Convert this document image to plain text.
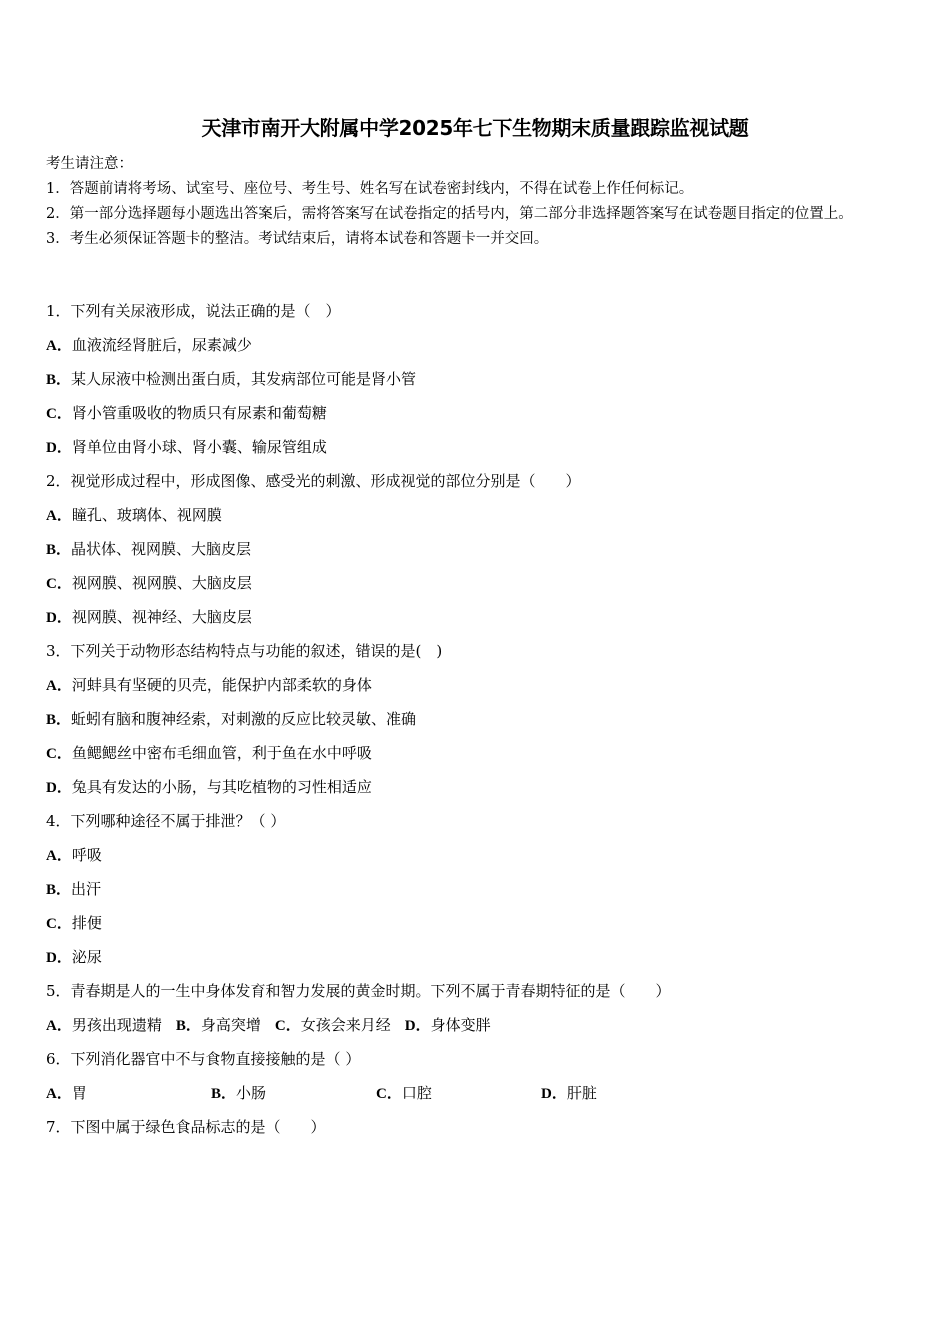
天津市南开大附属中学2025年七下生物期末质量跟踪监视试题

考生请注意：

1．答题前请将考场、试室号、座位号、考生号、姓名写在试卷密封线内，不得在试卷上作任何标记。

2．第一部分选择题每小题选出答案后，需将答案写在试卷指定的括号内，第二部分非选择题答案写在试卷题目指定的位置上。

3．考生必须保证答题卡的整洁。考试结束后，请将本试卷和答题卡一并交回。

1．下列有关尿液形成，说法正确的是（　）
A．血液流经肾脏后，尿素减少
B．某人尿液中检测出蛋白质，其发病部位可能是肾小管
C．肾小管重吸收的物质只有尿素和葡萄糖
D．肾单位由肾小球、肾小囊、输尿管组成
2．视觉形成过程中，形成图像、感受光的刺激、形成视觉的部位分别是（　　）
A．瞳孔、玻璃体、视网膜
B．晶状体、视网膜、大脑皮层
C．视网膜、视网膜、大脑皮层
D．视网膜、视神经、大脑皮层
3．下列关于动物形态结构特点与功能的叙述，错误的是(　)
A．河蚌具有坚硬的贝壳，能保护内部柔软的身体
B．蚯蚓有脑和腹神经索，对刺激的反应比较灵敏、准确
C．鱼鳃鳃丝中密布毛细血管，利于鱼在水中呼吸
D．兔具有发达的小肠，与其吃植物的习性相适应
4．下列哪种途径不属于排泄？（ ）
A．呼吸
B．出汗
C．排便
D．泌尿
5．青春期是人的一生中身体发育和智力发展的黄金时期。下列不属于青春期特征的是（　　）
A．男孩出现遗精 B．身高突增 C．女孩会来月经 D．身体变胖
6．下列消化器官中不与食物直接接触的是（ ）
A．胃	B．小肠	C．口腔	D．肝脏
7．下图中属于绿色食品标志的是（　　）
